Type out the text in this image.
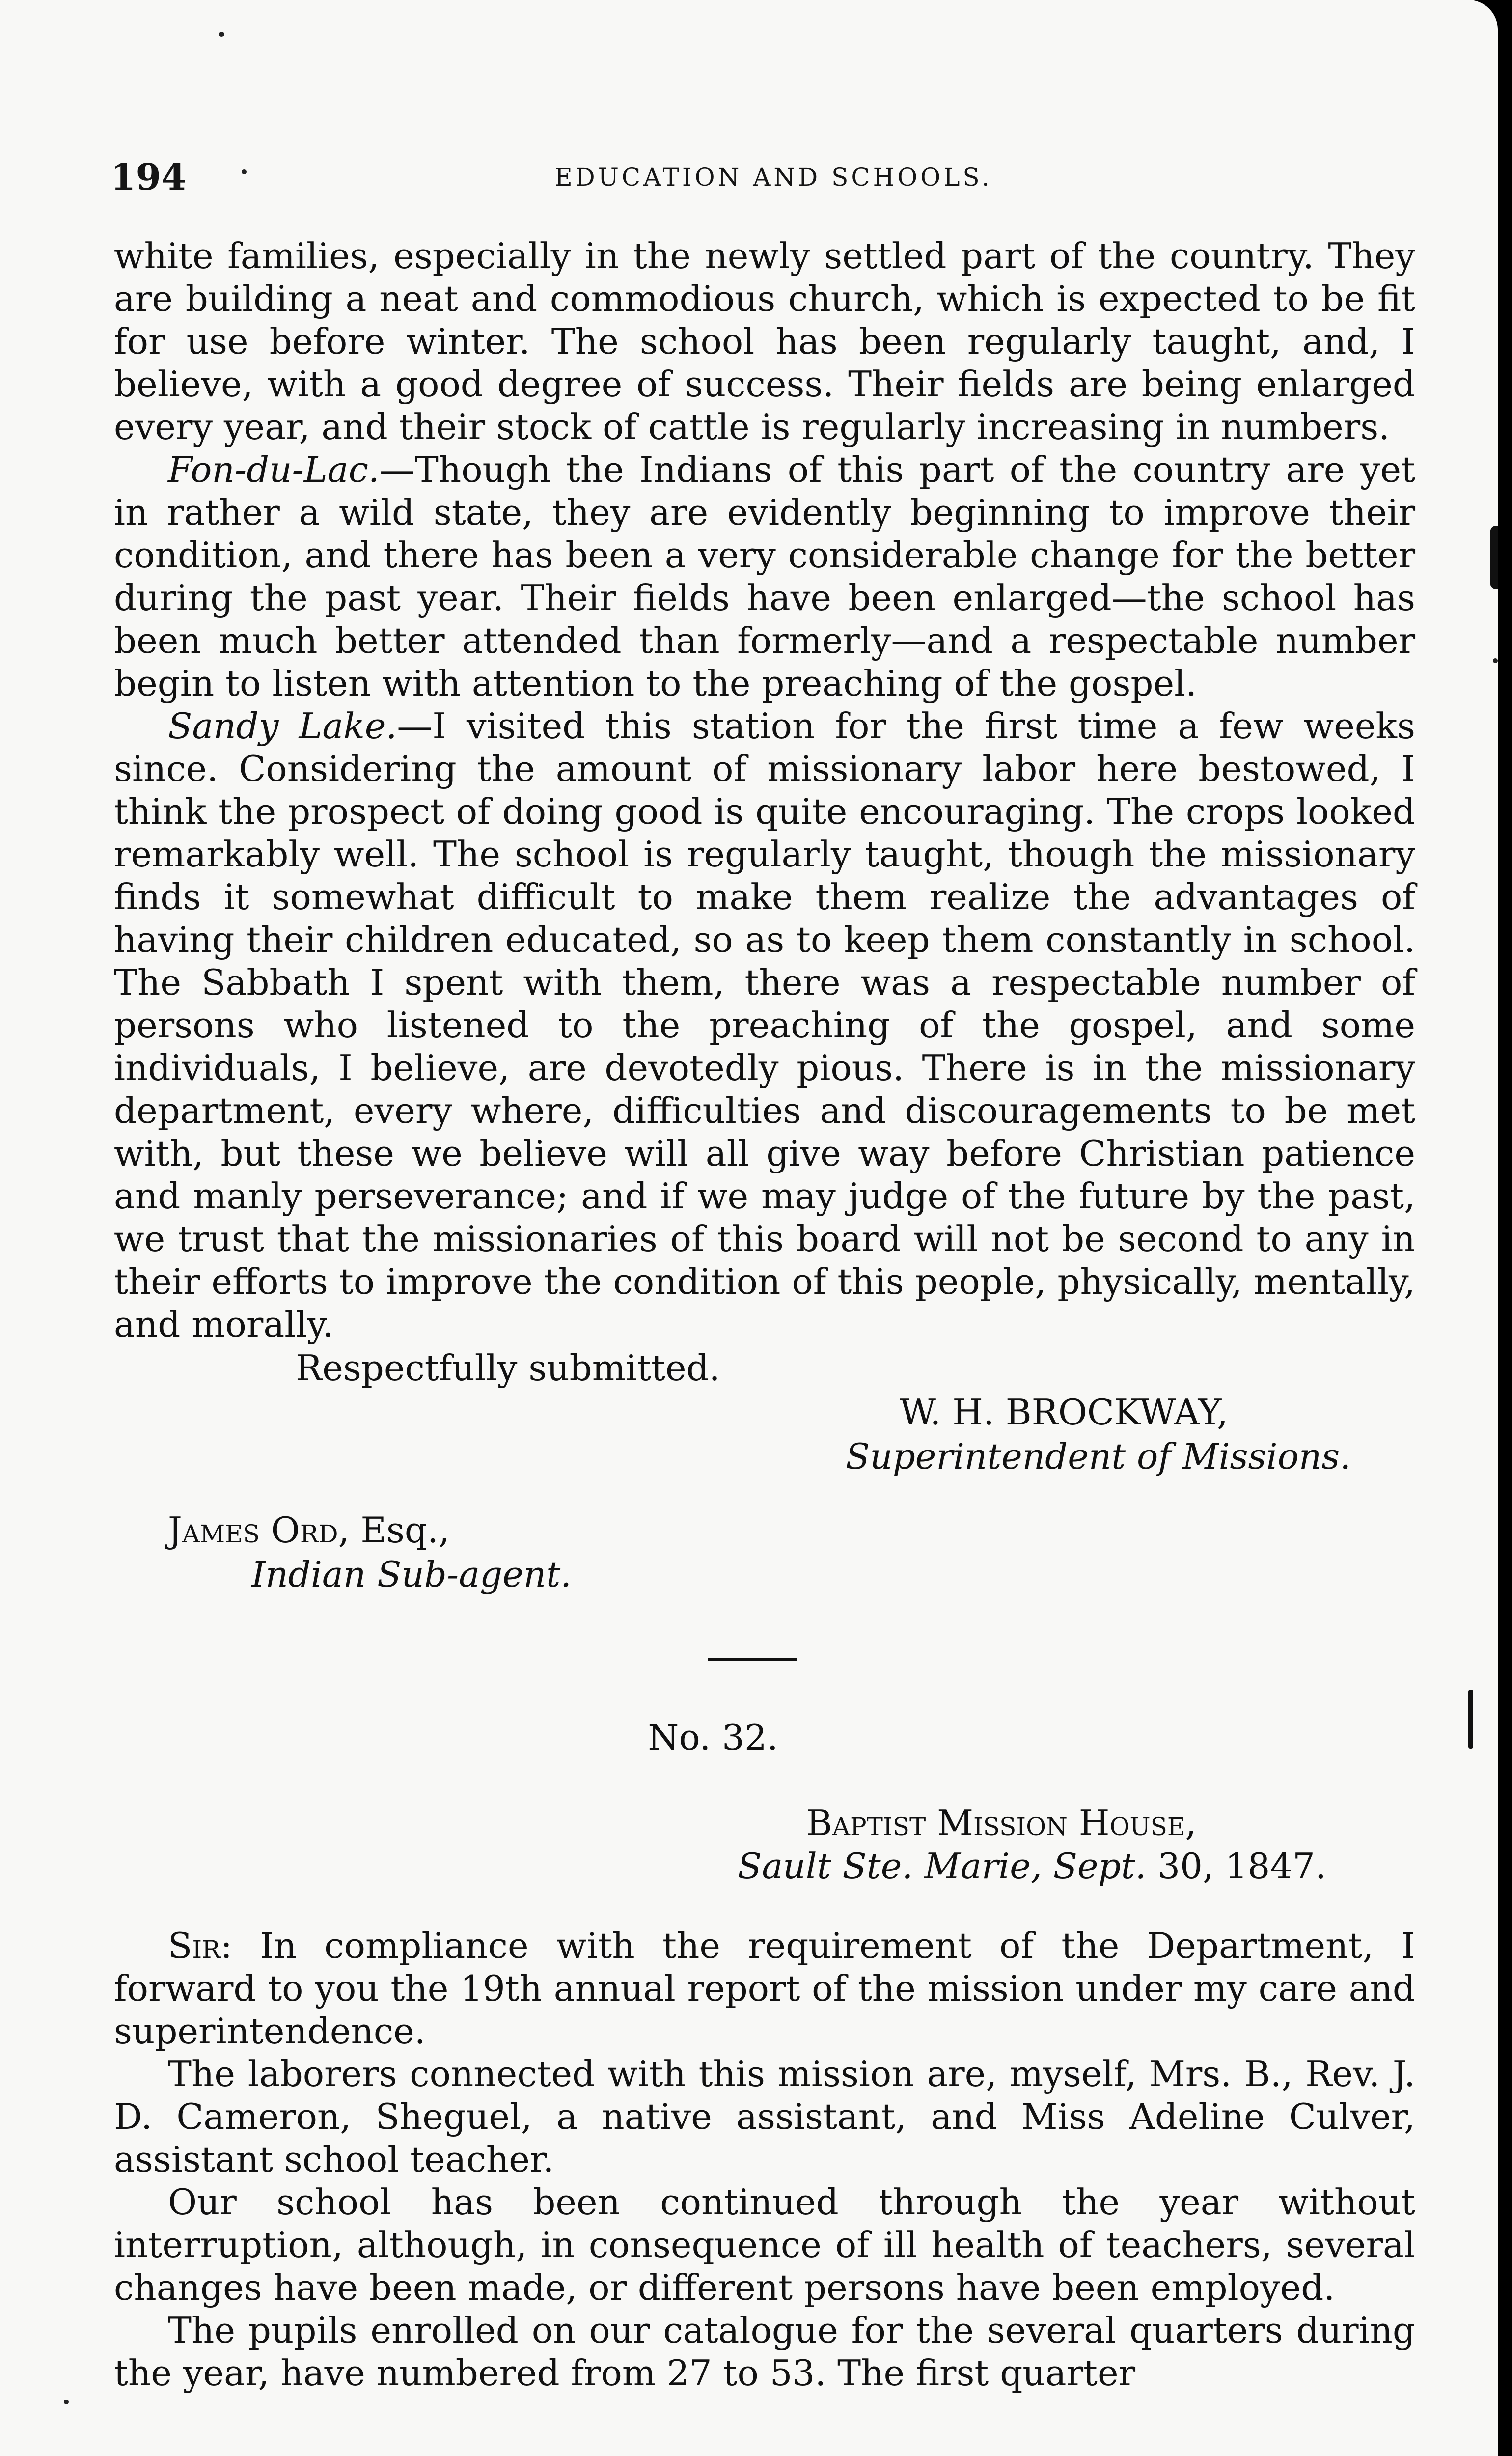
194	EDUCATION AND SCHOOLS.

white families, especially in the newly settled part of the country. They are building a neat and commodious church, which is expected to be fit for use before winter. The school has been regularly taught, and, I believe, with a good degree of success. Their fields are being enlarged every year, and their stock of cattle is regularly increasing in numbers.

Fon-du-Lac.—Though the Indians of this part of the country are yet in rather a wild state, they are evidently beginning to improve their condition, and there has been a very considerable change for the better during the past year. Their fields have been enlarged—the school has been much better attended than formerly—and a respectable number begin to listen with attention to the preaching of the gospel.

Sandy Lake.—I visited this station for the first time a few weeks since. Considering the amount of missionary labor here bestowed, I think the prospect of doing good is quite encouraging. The crops looked remarkably well. The school is regularly taught, though the missionary finds it somewhat difficult to make them realize the advantages of having their children educated, so as to keep them constantly in school. The Sabbath I spent with them, there was a respectable number of persons who listened to the preaching of the gospel, and some individuals, I believe, are devotedly pious. There is in the missionary department, every where, difficulties and discouragements to be met with, but these we believe will all give way before Christian patience and manly perseverance; and if we may judge of the future by the past, we trust that the missionaries of this board will not be second to any in their efforts to improve the condition of this people, physically, mentally, and morally.

Respectfully submitted.
W. H. BROCKWAY,
Superintendent of Missions.
James Ord, Esq.,
Indian Sub-agent.
No. 32.
Baptist Mission House,
Sault Ste. Marie, Sept. 30, 1847.

Sir: In compliance with the requirement of the Department, I forward to you the 19th annual report of the mission under my care and superintendence.

The laborers connected with this mission are, myself, Mrs. B., Rev. J. D. Cameron, Sheguel, a native assistant, and Miss Adeline Culver, assistant school teacher.

Our school has been continued through the year without interruption, although, in consequence of ill health of teachers, several changes have been made, or different persons have been employed.

The pupils enrolled on our catalogue for the several quarters during the year, have numbered from 27 to 53. The first quarter
